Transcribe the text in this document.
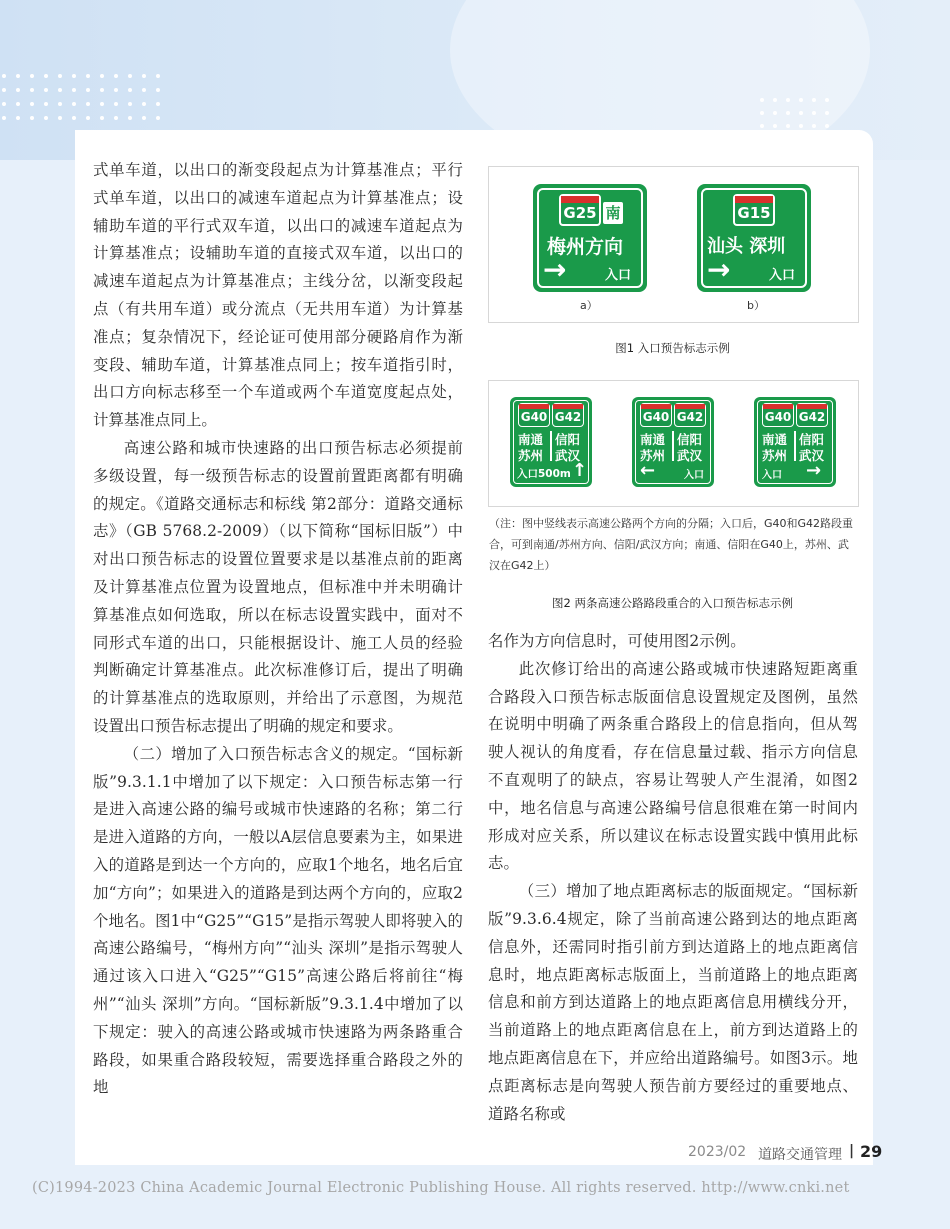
式单车道，以出口的渐变段起点为计算基准点；平行式单车道，以出口的减速车道起点为计算基准点；设辅助车道的平行式双车道，以出口的减速车道起点为计算基准点；设辅助车道的直接式双车道，以出口的减速车道起点为计算基准点；主线分岔，以渐变段起点（有共用车道）或分流点（无共用车道）为计算基准点；复杂情况下，经论证可使用部分硬路肩作为渐变段、辅助车道，计算基准点同上；按车道指引时，出口方向标志移至一个车道或两个车道宽度起点处，计算基准点同上。

高速公路和城市快速路的出口预告标志必须提前多级设置，每一级预告标志的设置前置距离都有明确的规定。《道路交通标志和标线 第2部分：道路交通标志》（GB 5768.2-2009）（以下简称“国标旧版”）中对出口预告标志的设置位置要求是以基准点前的距离及计算基准点位置为设置地点，但标准中并未明确计算基准点如何选取，所以在标志设置实践中，面对不同形式车道的出口，只能根据设计、施工人员的经验判断确定计算基准点。此次标准修订后，提出了明确的计算基准点的选取原则，并给出了示意图，为规范设置出口预告标志提出了明确的规定和要求。

（二）增加了入口预告标志含义的规定。“国标新版”9.3.1.1中增加了以下规定：入口预告标志第一行是进入高速公路的编号或城市快速路的名称；第二行是进入道路的方向，一般以A层信息要素为主，如果进入的道路是到达一个方向的，应取1个地名，地名后宜加“方向”；如果进入的道路是到达两个方向的，应取2个地名。图1中“G25”“G15”是指示驾驶人即将驶入的高速公路编号，“梅州方向”“汕头 深圳”是指示驾驶人通过该入口进入“G25”“G15”高速公路后将前往“梅州”“汕头 深圳”方向。“国标新版”9.3.1.4中增加了以下规定：驶入的高速公路或城市快速路为两条路重合路段，如果重合路段较短，需要选择重合路段之外的地

G25 南
梅州方向
→	入口
a）
G15
汕头 深圳
→	入口
b）
图1 入口预告标志示例
G40 G42
南通
苏州
信阳
武汉
入口500m ↑
G40 G42
南通
苏州
信阳
武汉
入口
←
G40 G42
南通
苏州
信阳
武汉
入口 →
（注：图中竖线表示高速公路两个方向的分隔；入口后，G40和G42路段重合，可到南通/苏州方向、信阳/武汉方向；南通、信阳在G40上，苏州、武汉在G42上）
图2 两条高速公路路段重合的入口预告标志示例

名作为方向信息时，可使用图2示例。

此次修订给出的高速公路或城市快速路短距离重合路段入口预告标志版面信息设置规定及图例，虽然在说明中明确了两条重合路段上的信息指向，但从驾驶人视认的角度看，存在信息量过载、指示方向信息不直观明了的缺点，容易让驾驶人产生混淆，如图2中，地名信息与高速公路编号信息很难在第一时间内形成对应关系，所以建议在标志设置实践中慎用此标志。

（三）增加了地点距离标志的版面规定。“国标新版”9.3.6.4规定，除了当前高速公路到达的地点距离信息外，还需同时指引前方到达道路上的地点距离信息时，地点距离标志版面上，当前道路上的地点距离信息和前方到达道路上的地点距离信息用横线分开，当前道路上的地点距离信息在上，前方到达道路上的地点距离信息在下，并应给出道路编号。如图3示。地点距离标志是向驾驶人预告前方要经过的重要地点、道路名称或

2023/02 道路交通管理 | 29
(C)1994-2023 China Academic Journal Electronic Publishing House. All rights reserved. http://www.cnki.net
